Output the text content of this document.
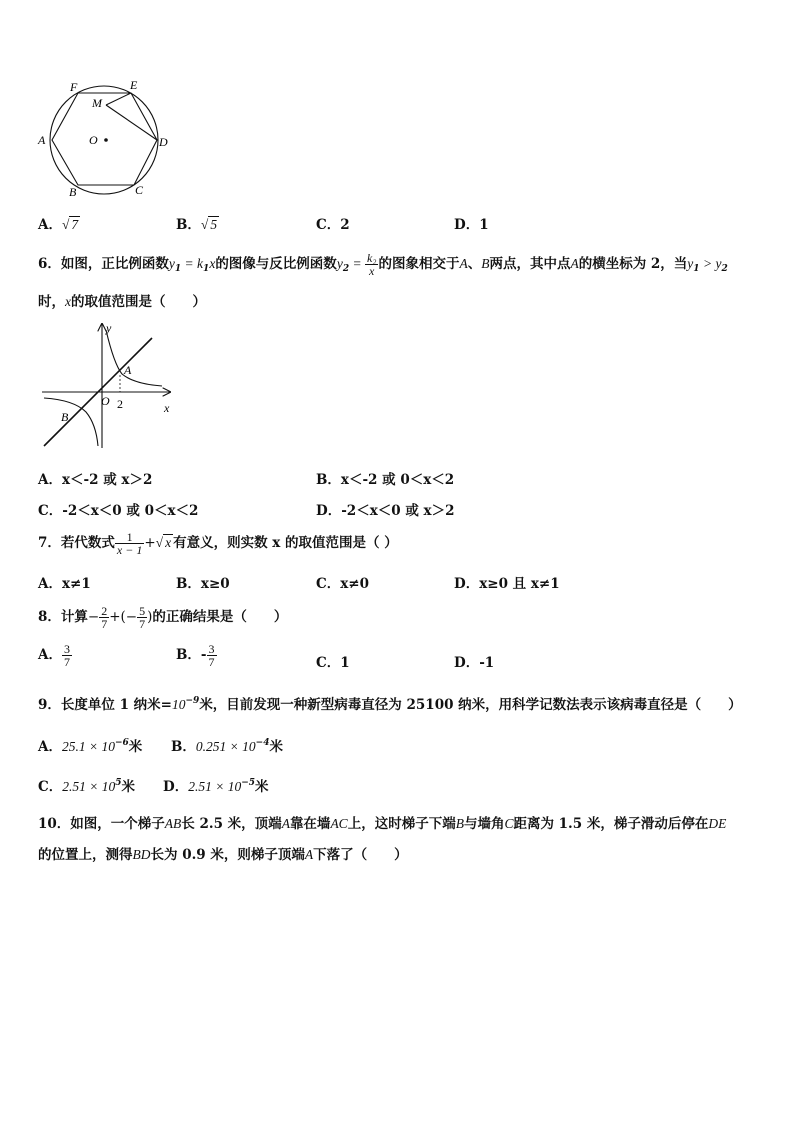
F	E
M
A	O	D
B	C
A．√ 7	B．√ 5	C．2	D．1
6．如图，正比例函数$y_1 = k_1x$的图像与反比例函数$y_2 = \frac{\text{k₂}}{x}$ 的图象相交于A、B两点，其中点A的横坐标为 2，当$y_1 > y_2$
时，x的取值范围是（　　）
y
A
O 2	x
B
A．x＜-2 或 x＞2	B．x＜-2 或 0＜x＜2
C．-2＜x＜0 或 0＜x＜2	D．-2＜x＜0 或 x＞2
7．若代数式 $\frac{1}{x - 1}$ +√ x 有意义，则实数 x 的取值范围是（ ）
A．x≠1	B．x≥0	C．x≠0	D．x≥0 且 x≠1
8．计算− $\frac{2}{7}$ +(− $\frac{5}{7}$ )的正确结果是（　　）
A． $\frac{3}{7}$	B．- $\frac{3}{7}$	C．1	D．-1
9．长度单位 1 纳米$=10^{-9}$米，目前发现一种新型病毒直径为 25100 纳米，用科学记数法表示该病毒直径是（　　）
A．$25.1 \times 10^{-6}$米 B．$0.251 \times 10^{-4}$米
C．$2.51 \times 10^5$米 D．$2.51 \times 10^{-5}$米
10．如图，一个梯子AB长 2.5 米，顶端A靠在墙AC上，这时梯子下端B与墙角C距离为 1.5 米，梯子滑动后停在DE
的位置上，测得BD长为 0.9 米，则梯子顶端A下落了（　　）
